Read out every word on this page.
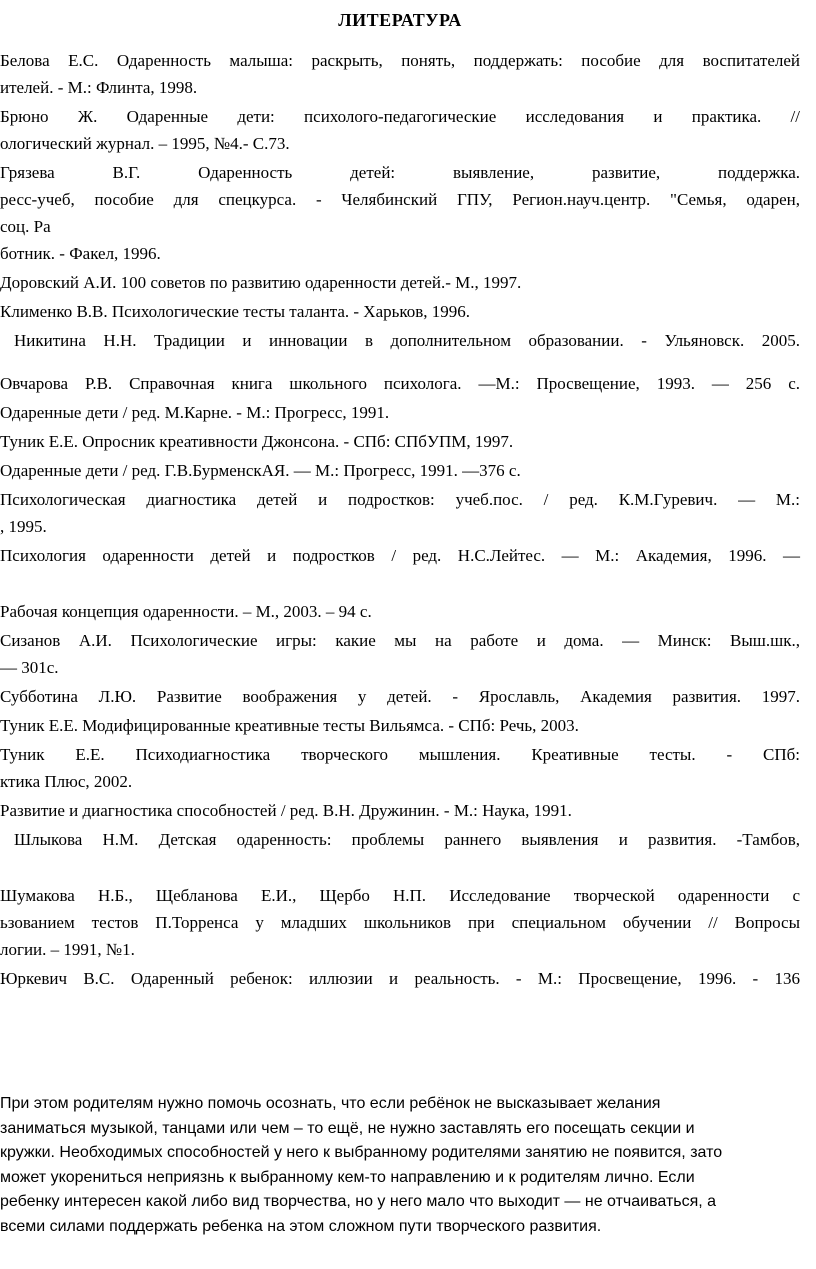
ЛИТЕРАТУРА

Белова Е.С. Одаренность малыша: раскрыть, понять, поддержать: пособие для воспитателей
ителей. - М.: Флинта, 1998.

Брюно Ж. Одаренные дети: психолого-педагогические исследования и практика. //
ологический журнал. – 1995, №4.- С.73.

Грязева В.Г. Одаренность детей: выявление, развитие, поддержка.
ресс-учеб, пособие для спецкурса. - Челябинский ГПУ, Регион.науч.центр. "Семья, одарен,
соц. Ра
ботник. - Факел, 1996.

Доровский А.И. 100 советов по развитию одаренности детей.- М., 1997.

Клименко В.В. Психологические тесты таланта. - Харьков, 1996.

Никитина Н.Н. Традиции и инновации в дополнительном образовании. - Ульяновск. 2005.

Овчарова Р.В. Справочная книга школьного психолога. —М.: Просвещение, 1993. — 256 с.

Одаренные дети / ред. М.Карне. - М.: Прогресс, 1991.

Туник Е.Е. Опросник креативности Джонсона. - СПб: СПбУПМ, 1997.

Одаренные дети / ред. Г.В.БурменскАЯ. — М.: Прогресс, 1991. —376 с.

Психологическая диагностика детей и подростков: учеб.пос. / ред. К.М.Гуревич. — М.:
, 1995.

Психология одаренности детей и подростков / ред. Н.С.Лейтес. — М.: Академия, 1996. —

Рабочая концепция одаренности. – М., 2003. – 94 с.

Сизанов А.И. Психологические игры: какие мы на работе и дома. — Минск: Выш.шк.,
— 301с.

Субботина Л.Ю. Развитие воображения у детей. - Ярославль, Академия развития. 1997.

Туник Е.Е. Модифицированные креативные тесты Вильямса. - СПб: Речь, 2003.

Туник Е.Е. Психодиагностика творческого мышления. Креативные тесты. - СПб:
ктика Плюс, 2002.

Развитие и диагностика способностей / ред. В.Н. Дружинин. - М.: Наука, 1991.

Шлыкова Н.М. Детская одаренность: проблемы раннего выявления и развития. -Тамбов,

Шумакова Н.Б., Щебланова Е.И., Щербо Н.П. Исследование творческой одаренности с
ьзованием тестов П.Торренса у младших школьников при специальном обучении // Вопросы
логии. – 1991, №1.

Юркевич В.С. Одаренный ребенок: иллюзии и реальность. - М.: Просвещение, 1996. - 136

При этом родителям нужно помочь осознать, что если ребёнок не высказывает желания
заниматься музыкой, танцами или чем – то ещё, не нужно заставлять его посещать секции и
кружки. Необходимых способностей у него к выбранному родителями занятию не появится, зато
может укорениться неприязнь к выбранному кем-то направлению и к родителям лично. Если
ребенку интересен какой либо вид творчества, но у него мало что выходит — не отчаиваться, а
всеми силами поддержать ребенка на этом сложном пути творческого развития.
